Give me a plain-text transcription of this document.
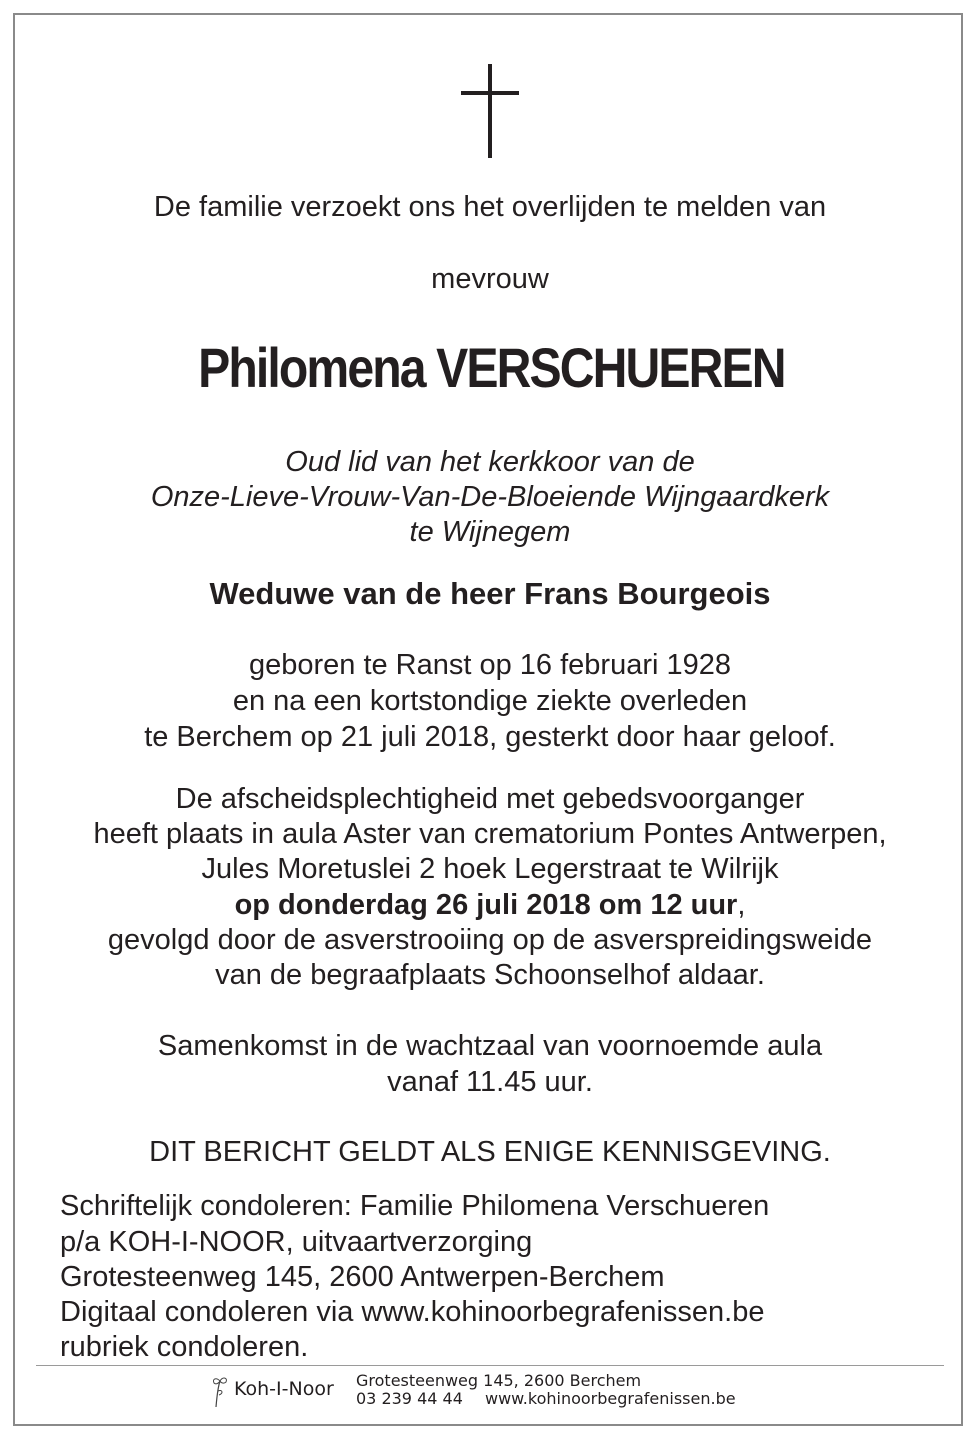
De familie verzoekt ons het overlijden te melden van
mevrouw
Philomena VERSCHUEREN
Oud lid van het kerkkoor van de
Onze-Lieve-Vrouw-Van-De-Bloeiende Wijngaardkerk
te Wijnegem
Weduwe van de heer Frans Bourgeois
geboren te Ranst op 16 februari 1928
en na een kortstondige ziekte overleden
te Berchem op 21 juli 2018, gesterkt door haar geloof.
De afscheidsplechtigheid met gebedsvoorganger
heeft plaats in aula Aster van crematorium Pontes Antwerpen,
Jules Moretuslei 2 hoek Legerstraat te Wilrijk
op donderdag 26 juli 2018 om 12 uur,
gevolgd door de asverstrooiing op de asverspreidingsweide
van de begraafplaats Schoonselhof aldaar.
Samenkomst in de wachtzaal van voornoemde aula
vanaf 11.45 uur.
DIT BERICHT GELDT ALS ENIGE KENNISGEVING.
Schriftelijk condoleren: Familie Philomena Verschueren
p/a KOH-I-NOOR, uitvaartverzorging
Grotesteenweg 145, 2600 Antwerpen-Berchem
Digitaal condoleren via www.kohinoorbegrafenissen.be
rubriek condoleren.
Koh-I-Noor Grotesteenweg 145, 2600 Berchem
03 239 44 44 www.kohinoorbegrafenissen.be
